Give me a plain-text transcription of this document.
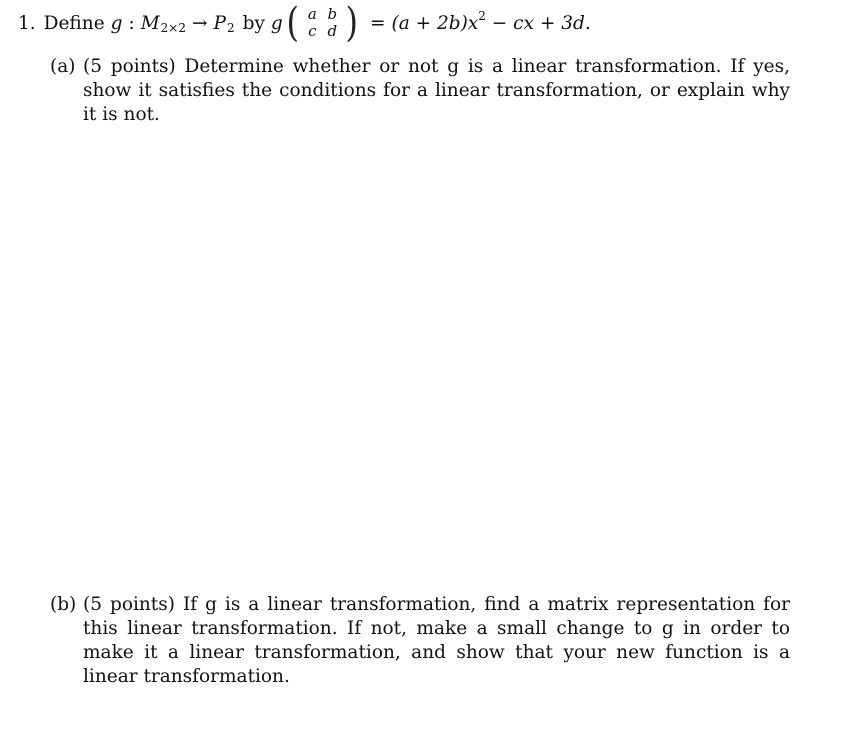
1. Define g : M 2×2 → P 2 by g ( a b
c d ) = (a + 2b)x 2 − cx + 3d.
(a) (5 points) Determine whether or not g is a linear transformation. If yes, show it satisfies the conditions for a linear transformation, or explain why it is not.
(b) (5 points) If g is a linear transformation, find a matrix representation for this linear transformation. If not, make a small change to g in order to make it a linear transformation, and show that your new function is a linear transformation.
